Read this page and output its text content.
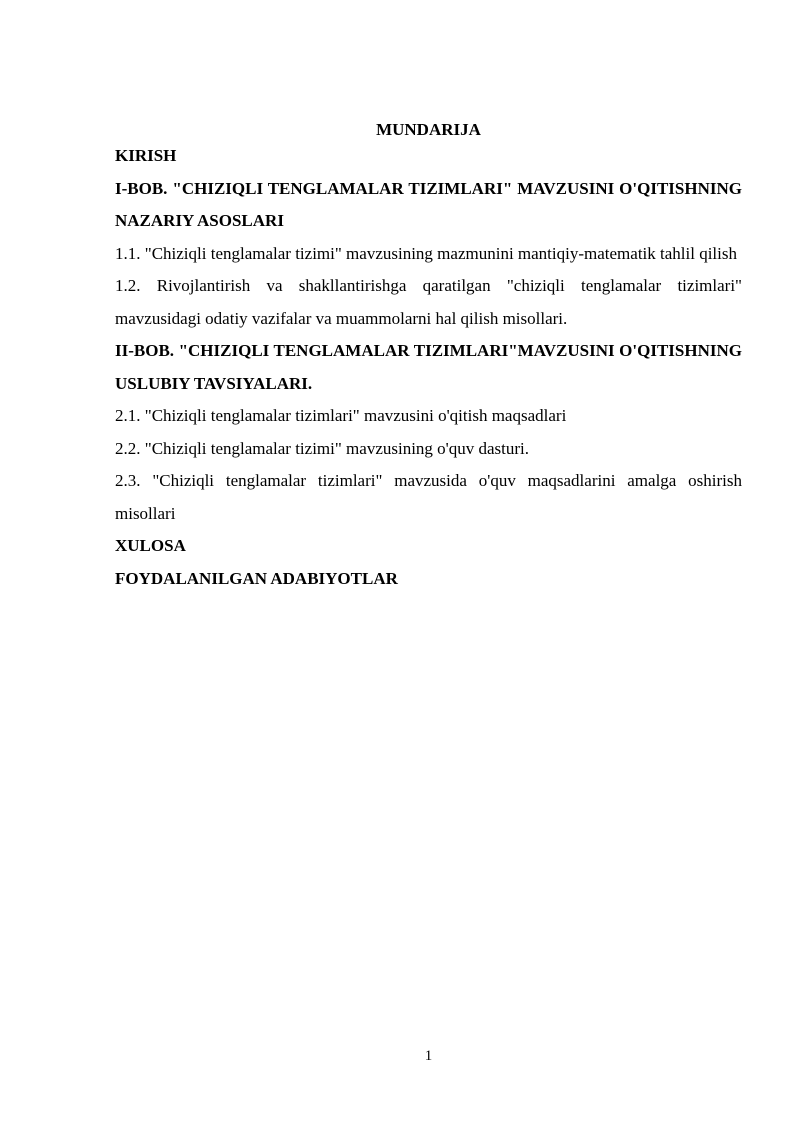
MUNDARIJA
KIRISH
I-BOB. "CHIZIQLI TENGLAMALAR TIZIMLARI" MAVZUSINI O'QITISHNING NAZARIY ASOSLARI
1.1. "Chiziqli tenglamalar tizimi" mavzusining mazmunini mantiqiy-matematik tahlil qilish
1.2. Rivojlantirish va shakllantirishga qaratilgan "chiziqli tenglamalar tizimlari" mavzusidagi odatiy vazifalar va muammolarni hal qilish misollari.
II-BOB. "CHIZIQLI TENGLAMALAR TIZIMLARI"MAVZUSINI O'QITISHNING USLUBIY TAVSIYALARI.
2.1. "Chiziqli tenglamalar tizimlari" mavzusini o'qitish maqsadlari
2.2. "Chiziqli tenglamalar tizimi" mavzusining o'quv dasturi.
2.3. "Chiziqli tenglamalar tizimlari" mavzusida o'quv maqsadlarini amalga oshirish misollari
XULOSA
FOYDALANILGAN ADABIYOTLAR
1
